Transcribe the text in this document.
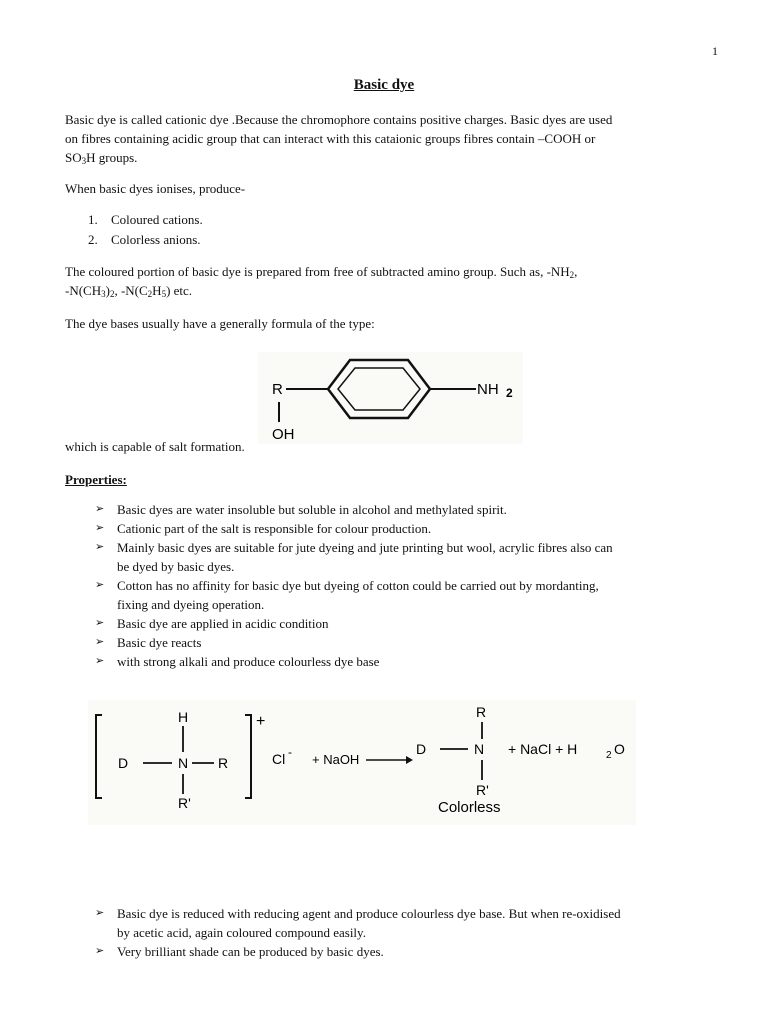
1
Basic dye

Basic dye is called cationic dye .Because the chromophore contains positive charges. Basic dyes are used
on fibres containing acidic group that can interact with this cataionic groups fibres contain –COOH or
$SO_3H$ groups.

When basic dyes ionises, produce-

1.	Coloured cations.
2.	Colorless anions.

The coloured portion of basic dye is prepared from free of subtracted amino group. Such as, $-NH_2$,
$-N(CH_3)_2$, $-N(C_2H_5)$ etc.

The dye bases usually have a generally formula of the type:

R	NH 2
OH

which is capable of salt formation.

Properties:
➢ Basic dyes are water insoluble but soluble in alcohol and methylated spirit.
➢ Cationic part of the salt is responsible for colour production.
➢ Mainly basic dyes are suitable for jute dyeing and jute printing but wool, acrylic fibres also can
be dyed by basic dyes.
➢ Cotton has no affinity for basic dye but dyeing of cotton could be carried out by mordanting,
fixing and dyeing operation.
➢ Basic dye are applied in acidic condition
➢ Basic dye reacts
➢ with strong alkali and produce colourless dye base
H
D	N R
R'
+
Cl - + NaOH
D	N
R
R'
+ NaCl + H	2 O
Colorless
➢ Basic dye is reduced with reducing agent and produce colourless dye base. But when re-oxidised
by acetic acid, again coloured compound easily.
➢ Very brilliant shade can be produced by basic dyes.
